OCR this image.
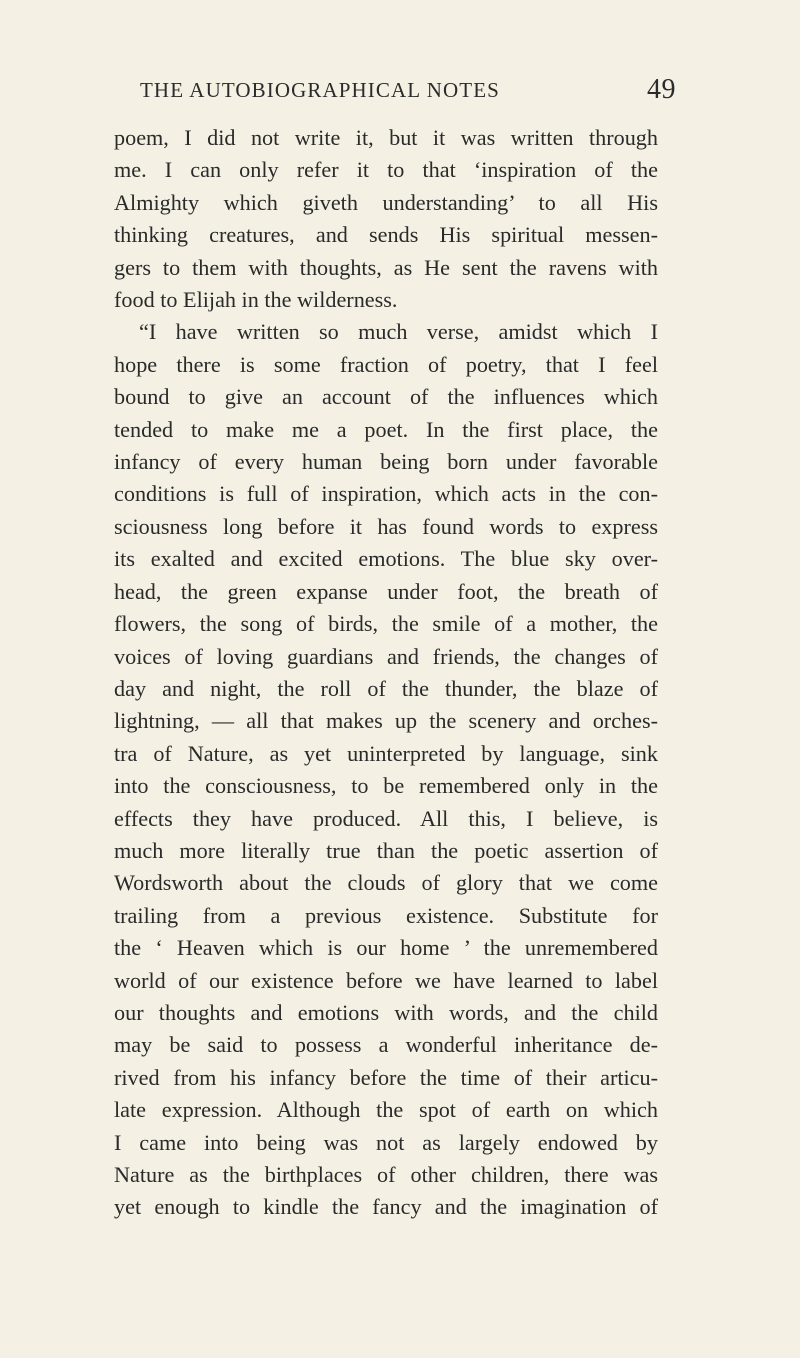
THE AUTOBIOGRAPHICAL NOTES	49
poem, I did not write it, but it was written through
me. I can only refer it to that ‘inspiration of the
Almighty which giveth understanding’ to all His
thinking creatures, and sends His spiritual messen-
gers to them with thoughts, as He sent the ravens with
food to Elijah in the wilderness.
“I have written so much verse, amidst which I
hope there is some fraction of poetry, that I feel
bound to give an account of the influences which
tended to make me a poet. In the first place, the
infancy of every human being born under favorable
conditions is full of inspiration, which acts in the con-
sciousness long before it has found words to express
its exalted and excited emotions. The blue sky over-
head, the green expanse under foot, the breath of
flowers, the song of birds, the smile of a mother, the
voices of loving guardians and friends, the changes of
day and night, the roll of the thunder, the blaze of
lightning, — all that makes up the scenery and orches-
tra of Nature, as yet uninterpreted by language, sink
into the consciousness, to be remembered only in the
effects they have produced. All this, I believe, is
much more literally true than the poetic assertion of
Wordsworth about the clouds of glory that we come
trailing from a previous existence. Substitute for
the ‘ Heaven which is our home ’ the unremembered
world of our existence before we have learned to label
our thoughts and emotions with words, and the child
may be said to possess a wonderful inheritance de-
rived from his infancy before the time of their articu-
late expression. Although the spot of earth on which
I came into being was not as largely endowed by
Nature as the birthplaces of other children, there was
yet enough to kindle the fancy and the imagination of
